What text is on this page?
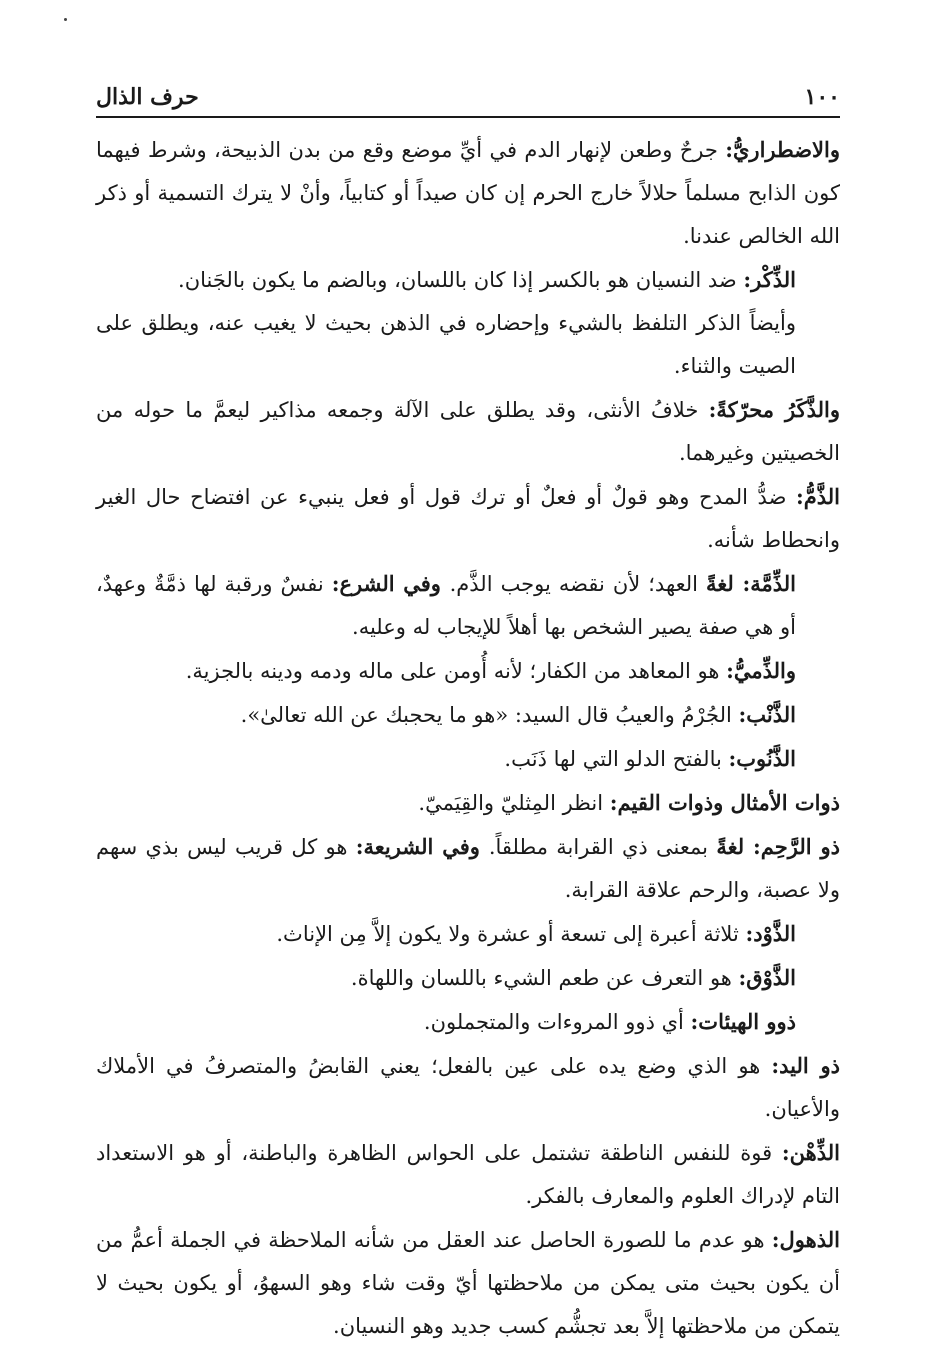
١٠٠
حرف الذال

والاضطراريُّ: جرحٌ وطعن لإنهار الدم في أيِّ موضع وقع من بدن الذبيحة، وشرط فيهما كون الذابح مسلماً حلالاً خارج الحرم إن كان صيداً أو كتابياً، وأنْ لا يترك التسمية أو ذكر الله الخالص عندنا.

الذِّكْر: ضد النسيان هو بالكسر إذا كان باللسان، وبالضم ما يكون بالجَنان.

وأيضاً الذكر التلفظ بالشيء وإحضاره في الذهن بحيث لا يغيب عنه، ويطلق على الصيت والثناء.

والذَّكَرُ محرّكةً: خلافُ الأنثى، وقد يطلق على الآلة وجمعه مذاكير ليعمَّ ما حوله من الخصيتين وغيرهما.

الذَّمُّ: ضدُّ المدح وهو قولٌ أو فعلٌ أو ترك قول أو فعل ينبيء عن افتضاح حال الغير وانحطاط شأنه.

الذِّمَّة: لغةً العهد؛ لأن نقضه يوجب الذَّم. وفي الشرع: نفسٌ ورقبة لها ذمَّةٌ وعهدٌ، أو هي صفة يصير الشخص بها أهلاً للإيجاب له وعليه.

والذِّميُّ: هو المعاهد من الكفار؛ لأنه أُومن على ماله ودمه ودينه بالجزية.

الذَّنْب: الجُرْمُ والعيبُ قال السيد: «هو ما يحجبك عن الله تعالىٰ».

الذَّنُوب: بالفتح الدلو التي لها ذَنَب.

ذوات الأمثال وذوات القيم: انظر المِثليّ والقِيَميّ.

ذو الرَّحِم: لغةً بمعنى ذي القرابة مطلقاً. وفي الشريعة: هو كل قريب ليس بذي سهم ولا عصبة، والرحم علاقة القرابة.

الذَّوْد: ثلاثة أعبرة إلى تسعة أو عشرة ولا يكون إلاَّ مِن الإناث.

الذَّوْق: هو التعرف عن طعم الشيء باللسان واللهاة.

ذوو الهيئات: أي ذوو المروءات والمتجملون.

ذو اليد: هو الذي وضع يده على عين بالفعل؛ يعني القابضُ والمتصرفُ في الأملاك والأعيان.

الذِّهْن: قوة للنفس الناطقة تشتمل على الحواس الظاهرة والباطنة، أو هو الاستعداد التام لإدراك العلوم والمعارف بالفكر.

الذهول: هو عدم ما للصورة الحاصل عند العقل من شأنه الملاحظة في الجملة أعمُّ من أن يكون بحيث متى يمكن من ملاحظتها أيّ وقت شاء وهو السهوُ، أو يكون بحيث لا يتمكن من ملاحظتها إلاَّ بعد تجشُّم كسب جديد وهو النسيان.
